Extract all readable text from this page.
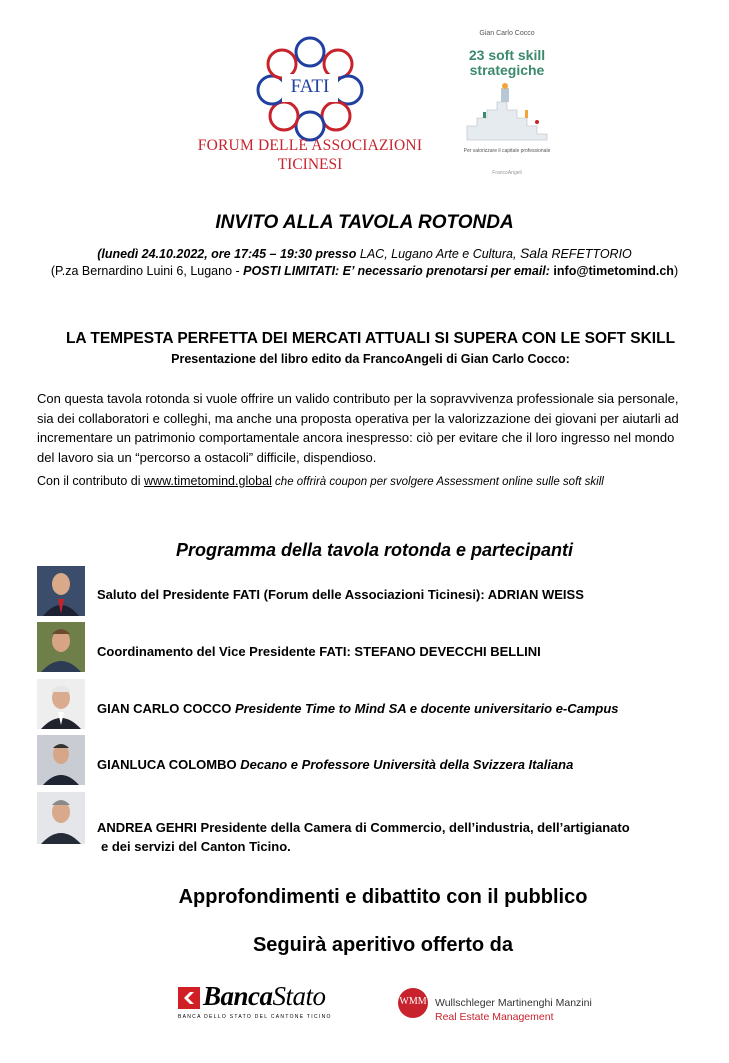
FATI
FORUM DELLE ASSOCIAZIONI
TICINESI
Gian Carlo Cocco
23 soft skill
strategiche
Per valorizzare il capitale professionale
FrancoAngeli
INVITO ALLA TAVOLA ROTONDA
(lunedì 24.10.2022, ore 17:45 – 19:30 presso LAC, Lugano Arte e Cultura, Sala REFETTORIO
(P.za Bernardino Luini 6, Lugano - POSTI LIMITATI: E’ necessario prenotarsi per email: info@timetomind.ch)
LA TEMPESTA PERFETTA DEI MERCATI ATTUALI SI SUPERA CON LE SOFT SKILL
Presentazione del libro edito da FrancoAngeli di Gian Carlo Cocco:
Con questa tavola rotonda si vuole offrire un valido contributo per la sopravvivenza professionale sia personale,
sia dei collaboratori e colleghi, ma anche una proposta operativa per la valorizzazione dei giovani per aiutarli ad
incrementare un patrimonio comportamentale ancora inespresso: ciò per evitare che il loro ingresso nel mondo
del lavoro sia un “percorso a ostacoli” difficile, dispendioso.
Con il contributo di www.timetomind.global che offrirà coupon per svolgere Assessment online sulle soft skill
Programma della tavola rotonda e partecipanti
Saluto del Presidente FATI (Forum delle Associazioni Ticinesi): ADRIAN WEISS
Coordinamento del Vice Presidente FATI: STEFANO DEVECCHI BELLINI
GIAN CARLO COCCO Presidente Time to Mind SA e docente universitario e-Campus
GIANLUCA COLOMBO Decano e Professore Università della Svizzera Italiana
ANDREA GEHRI Presidente della Camera di Commercio, dell’industria, dell’artigianato
e dei servizi del Canton Ticino.
Approfondimenti e dibattito con il pubblico
Seguirà aperitivo offerto da
BancaStato
BANCA DELLO STATO DEL CANTONE TICINO
WMM Wullschleger Martinenghi Manzini
Real Estate Management
